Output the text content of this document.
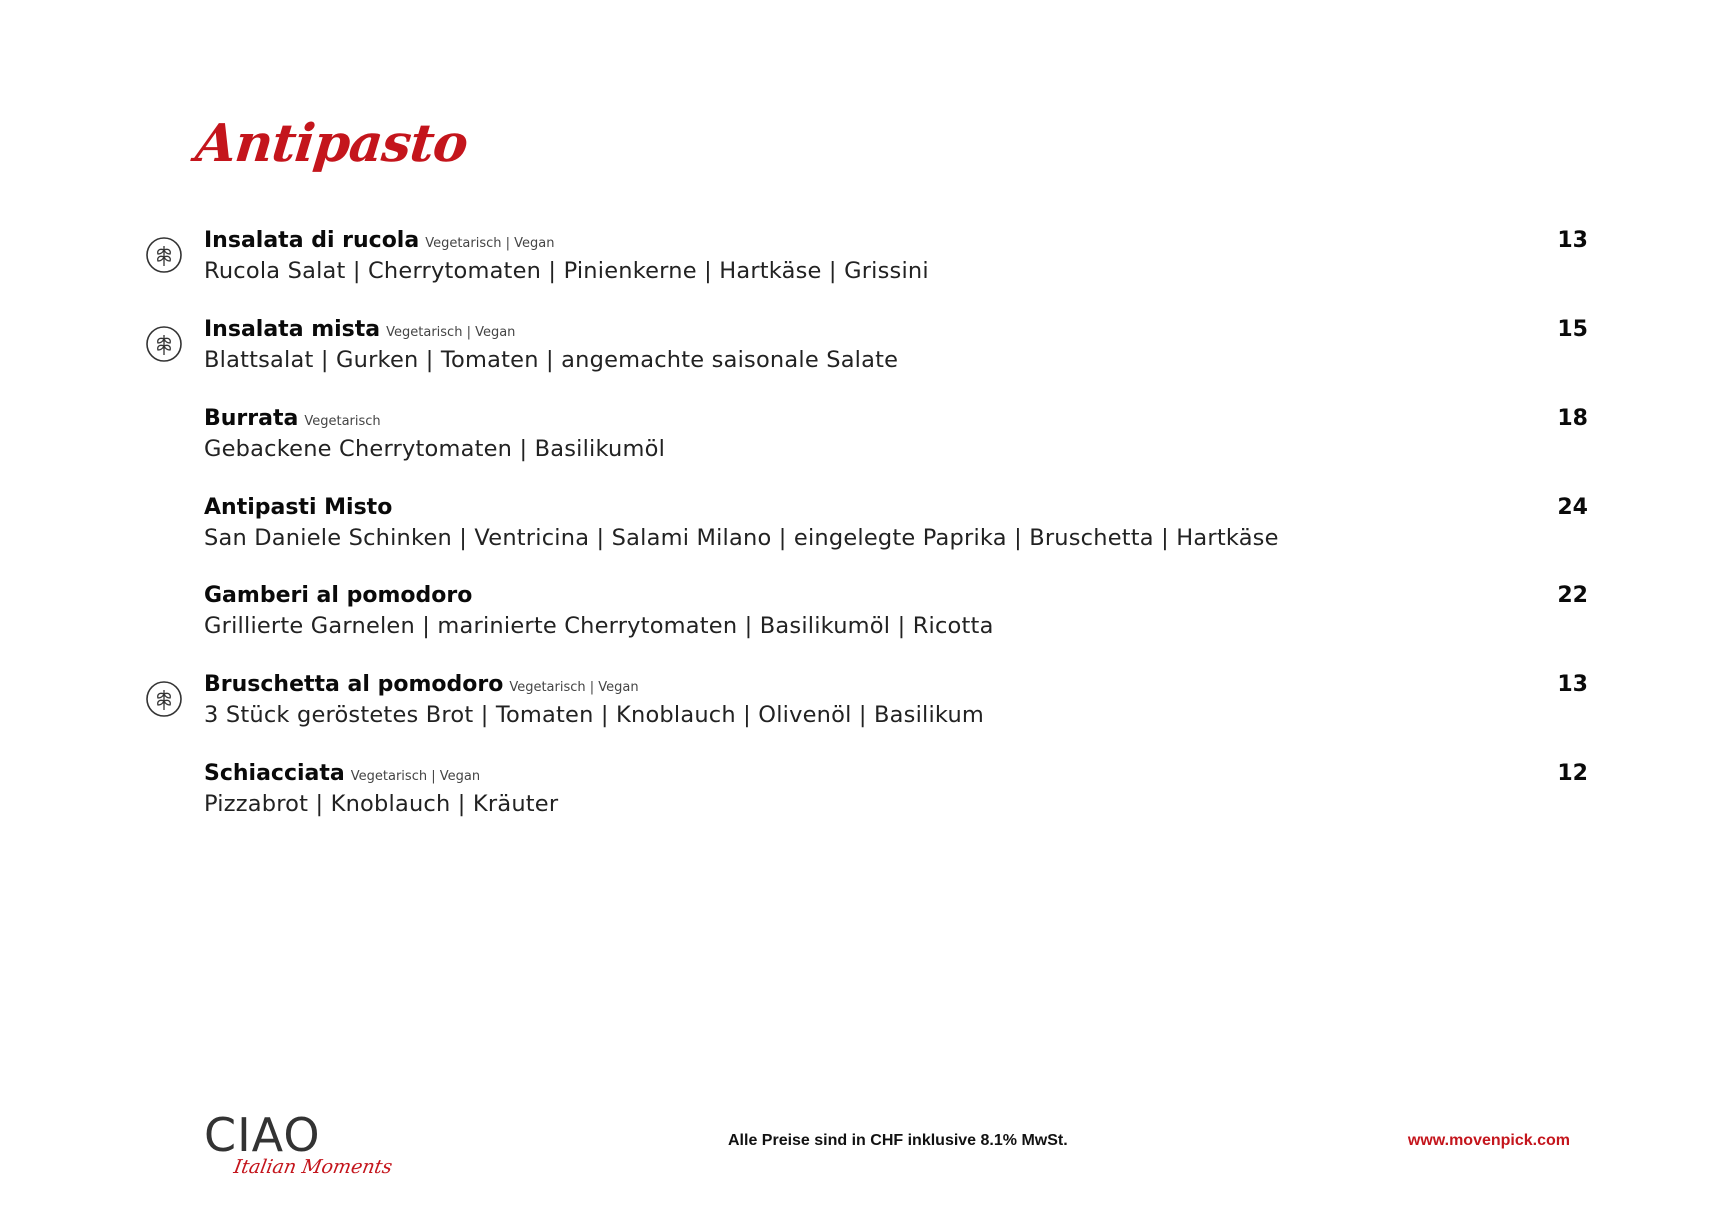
Antipasto
Insalata di rucola Vegetarisch | Vegan
Rucola Salat | Cherrytomaten | Pinienkerne | Hartkäse | Grissini
13
Insalata mista Vegetarisch | Vegan
Blattsalat | Gurken | Tomaten | angemachte saisonale Salate
15
Burrata Vegetarisch
Gebackene Cherrytomaten | Basilikumöl
18
Antipasti Misto
San Daniele Schinken | Ventricina | Salami Milano | eingelegte Paprika | Bruschetta | Hartkäse
24
Gamberi al pomodoro
Grillierte Garnelen | marinierte Cherrytomaten | Basilikumöl | Ricotta
22
Bruschetta al pomodoro Vegetarisch | Vegan
3 Stück geröstetes Brot | Tomaten | Knoblauch | Olivenöl | Basilikum
13
Schiacciata Vegetarisch | Vegan
Pizzabrot | Knoblauch | Kräuter
12
CIAO
Italian Moments
Alle Preise sind in CHF inklusive 8.1% MwSt.	www.movenpick.com
